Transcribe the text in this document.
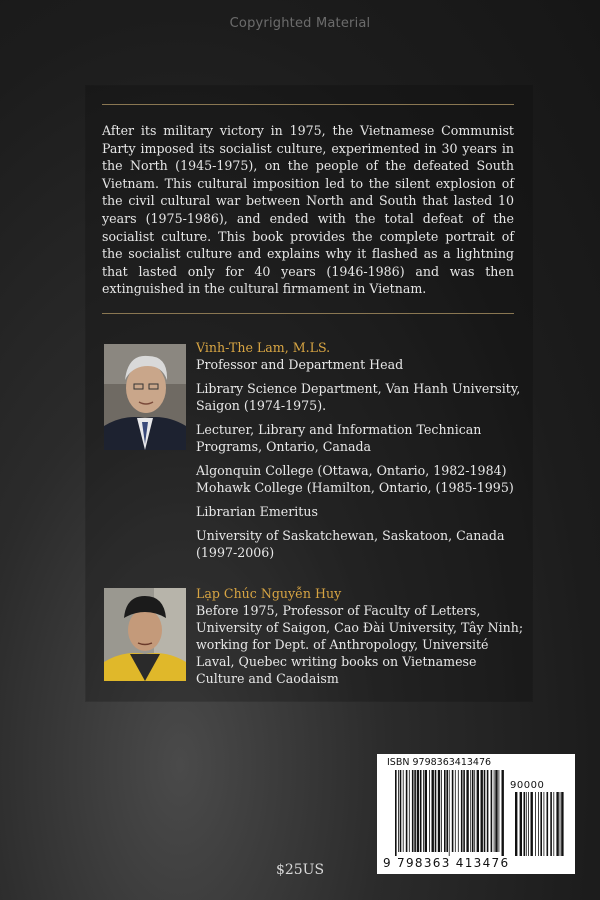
Copyrighted Material
After its military victory in 1975, the Vietnamese Communist Party imposed its socialist culture, experimented in 30 years in the North (1945-1975), on the people of the defeated South Vietnam. This cultural imposition led to the silent explosion of the civil cultural war between North and South that lasted 10 years (1975-1986), and ended with the total defeat of the socialist culture. This book provides the complete portrait of the socialist culture and explains why it flashed as a lightning that lasted only for 40 years (1946-1986) and was then extinguished in the cultural firmament in Vietnam.
Vinh-The Lam, M.LS.
Professor and Department Head
Library Science Department, Van Hanh University, Saigon (1974-1975).
Lecturer, Library and Information Technican Programs, Ontario, Canada
Algonquin College (Ottawa, Ontario, 1982-1984)
Mohawk College (Hamilton, Ontario, (1985-1995)
Librarian Emeritus
University of Saskatchewan, Saskatoon, Canada (1997-2006)
Lạp Chúc Nguyễn Huy
Before 1975, Professor of Faculty of Letters, University of Saigon, Cao Đài University, Tây Ninh; working for Dept. of Anthropology, Université Laval, Quebec writing books on Vietnamese Culture and Caodaism
ISBN 9798363413476
90000
9 798363 413476
$25US
